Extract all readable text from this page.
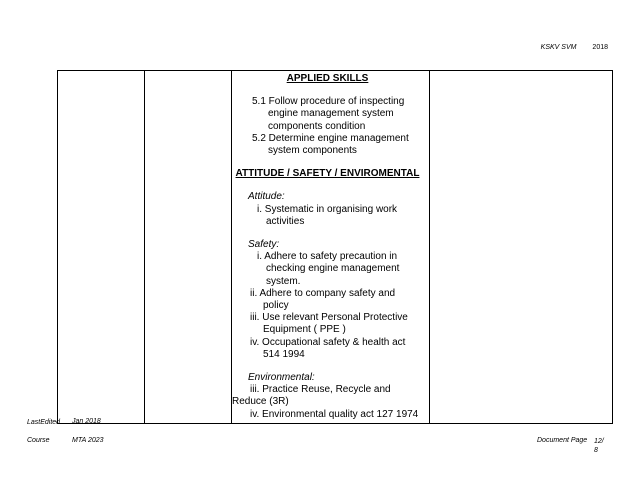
KSKV SVM 2018

APPLIED SKILLS

5.1 Follow procedure of inspecting engine management system components condition

5.2 Determine engine management system components

ATTITUDE / SAFETY / ENVIROMENTAL

Attitude:

i. Systematic in organising work activities

Safety:

i. Adhere to safety precaution in checking engine management system.

ii. Adhere to company safety and policy

iii. Use relevant Personal Protective Equipment ( PPE )

iv. Occupational safety & health act 514 1994

Environmental:

iii. Practice Reuse, Recycle and Reduce (3R)

iv. Environmental quality act 127 1974

LastEdited Jan 2018
Course	MTA 2023	Document Page 12/8
